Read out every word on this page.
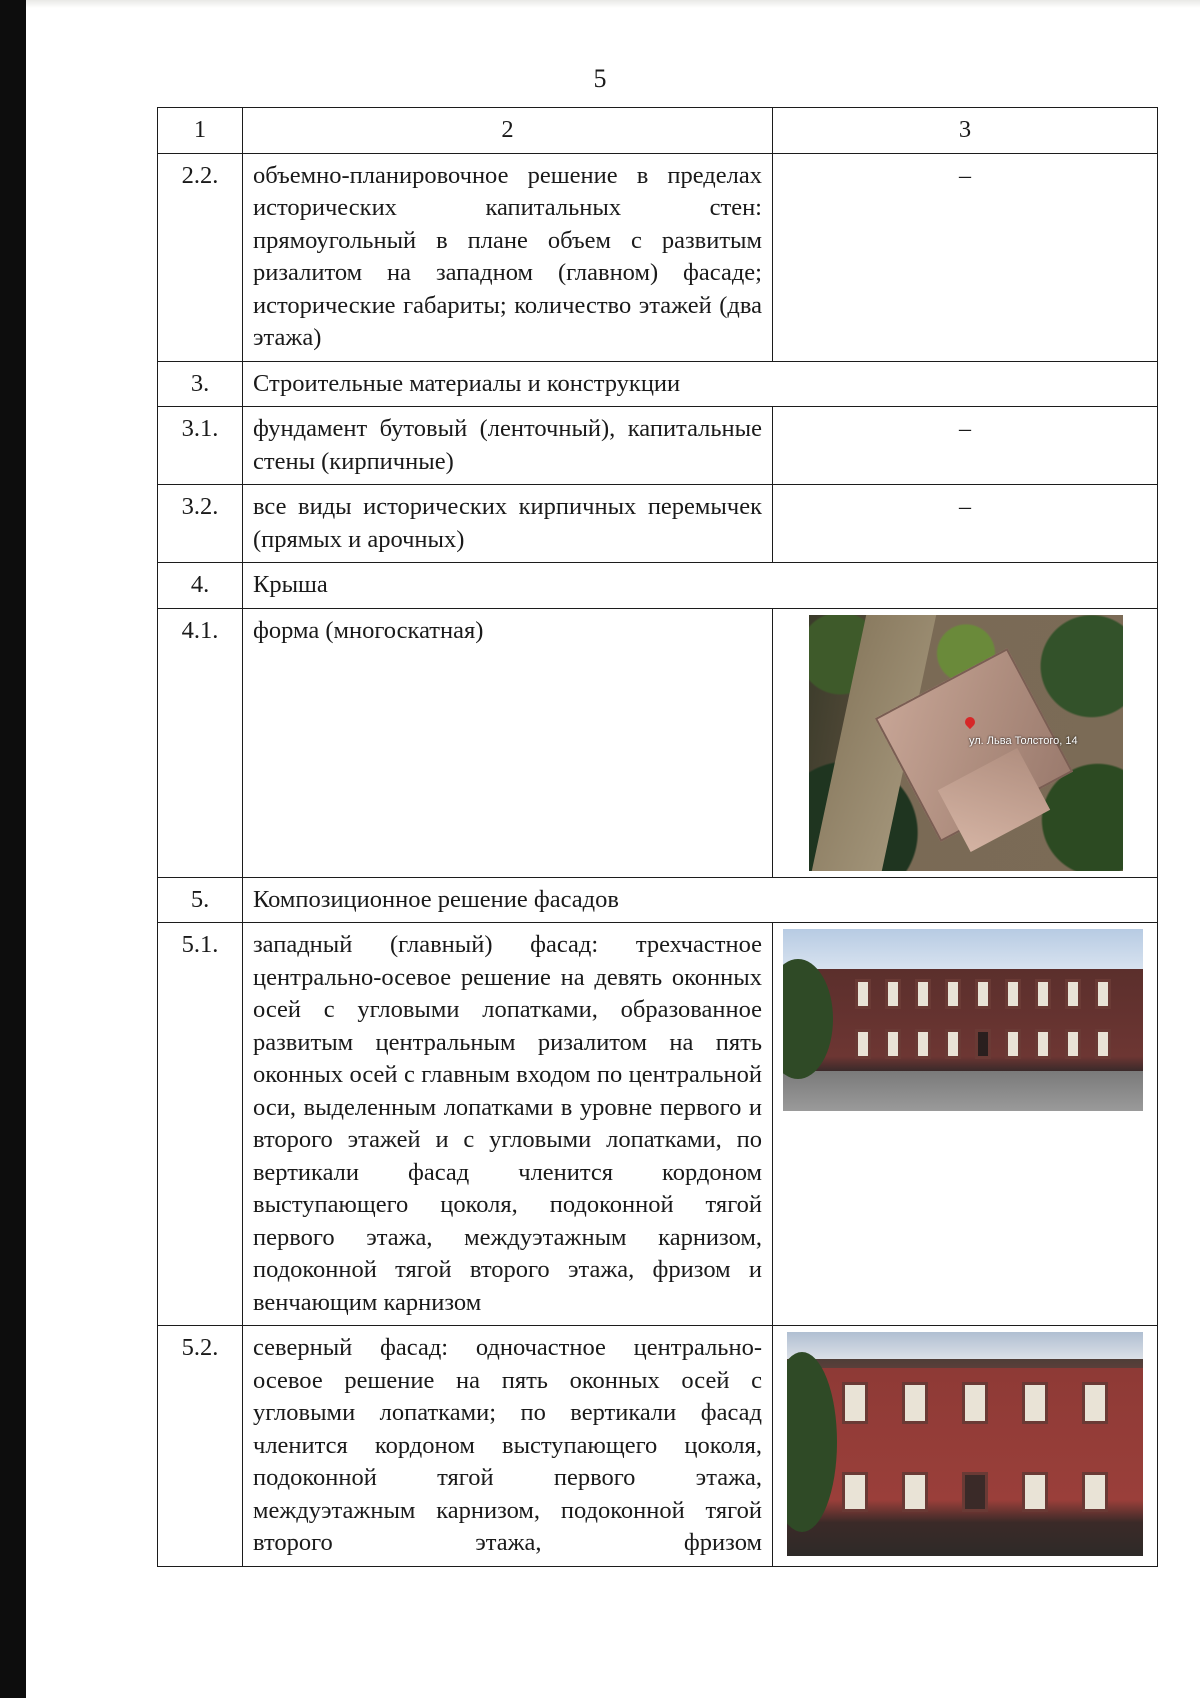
5
1	2	3
2.2.	объемно-планировочное решение в пределах исторических капитальных стен: прямоугольный в плане объем с развитым ризалитом на западном (главном) фасаде; исторические габариты; количество этажей (два этажа)	–
3.	Строительные материалы и конструкции	
3.1.	фундамент бутовый (ленточный), капитальные стены (кирпичные)	–
3.2.	все виды исторических кирпичных перемычек (прямых и арочных)	–
4.	Крыша	
4.1.	форма (многоскатная)	ул. Льва Толстого, 14

5.	Композиционное решение фасадов	
5.1.	западный (главный) фасад: трехчастное центрально-осевое решение на девять оконных осей с угловыми лопатками, образованное развитым центральным ризалитом на пять оконных осей с главным входом по центральной оси, выделенным лопатками в уровне первого и второго этажей и с угловыми лопатками, по вертикали фасад членится кордоном выступающего цоколя, подоконной тягой первого этажа, междуэтажным карнизом, подоконной тягой второго этажа, фризом и венчающим карнизом	

5.2.	северный фасад: одночастное центрально-осевое решение на пять оконных осей с угловыми лопатками; по вертикали фасад членится кордоном выступающего цоколя, подоконной тягой первого этажа, междуэтажным карнизом, подоконной тягой второго этажа, фризом	
